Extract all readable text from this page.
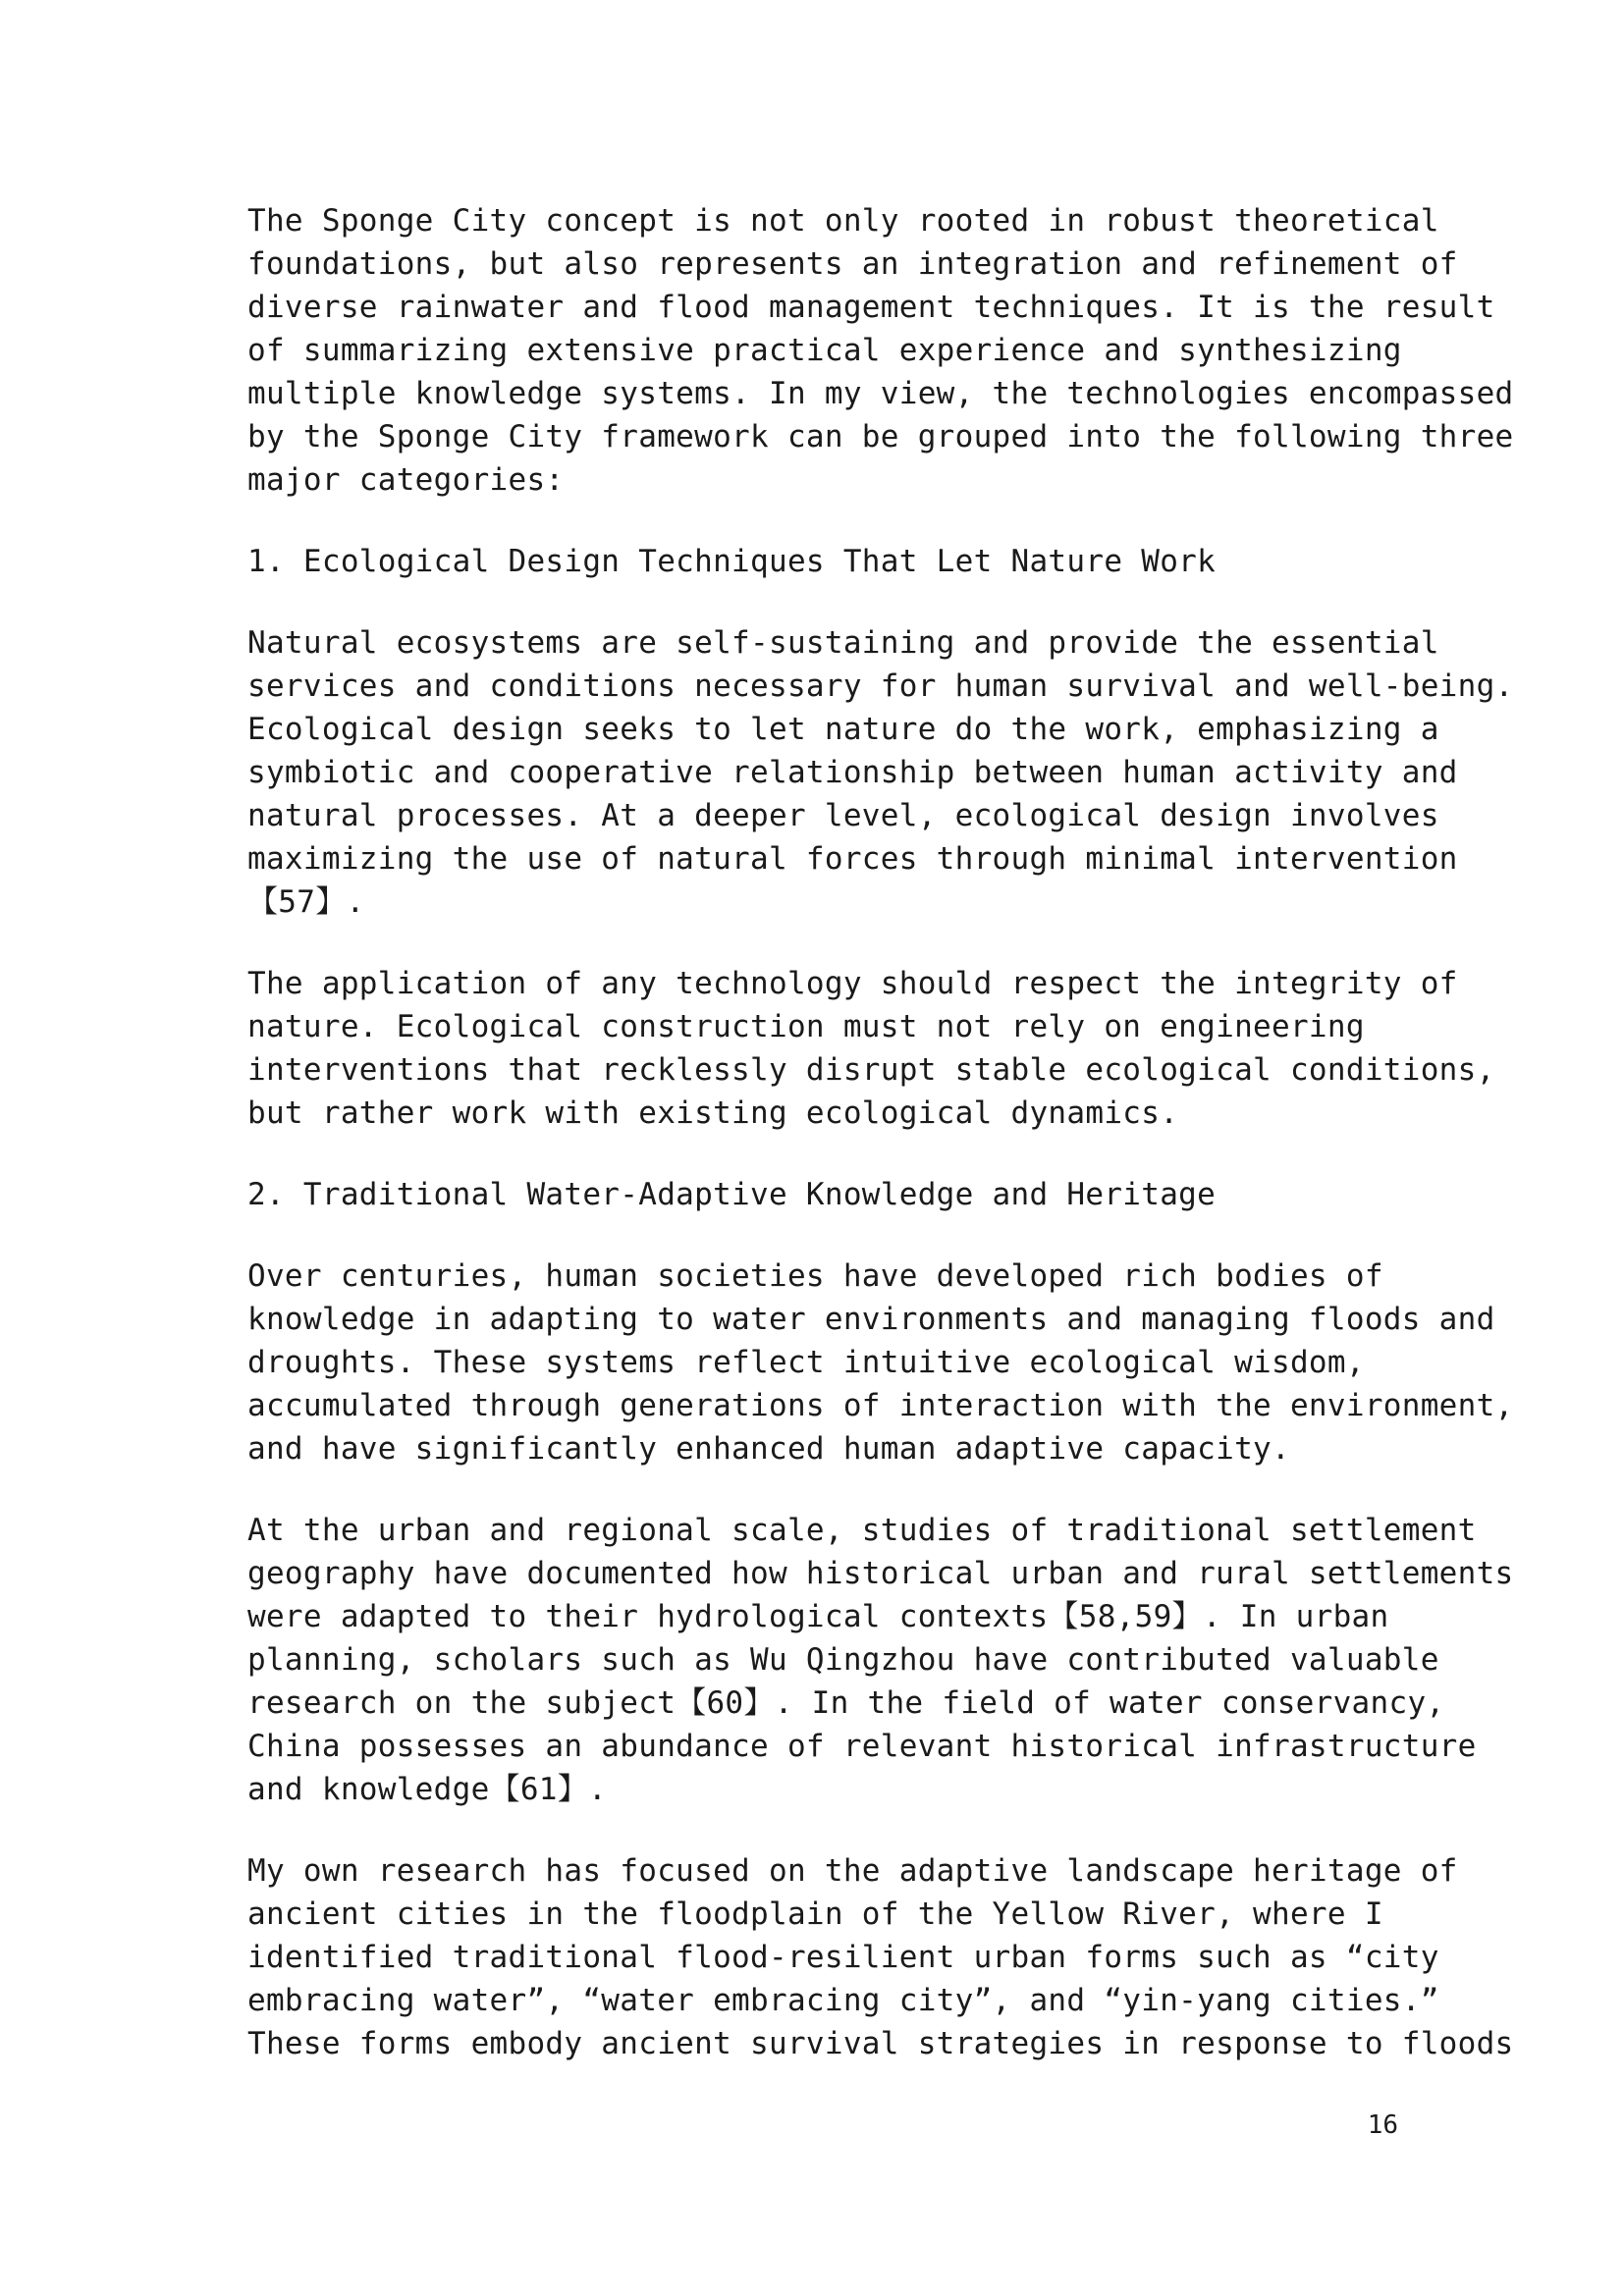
The Sponge City concept is not only rooted in robust theoretical
foundations, but also represents an integration and refinement of
diverse rainwater and flood management techniques. It is the result
of summarizing extensive practical experience and synthesizing
multiple knowledge systems. In my view, the technologies encompassed
by the Sponge City framework can be grouped into the following three
major categories:
1. Ecological Design Techniques That Let Nature Work
Natural ecosystems are self-sustaining and provide the essential
services and conditions necessary for human survival and well-being.
Ecological design seeks to let nature do the work, emphasizing a
symbiotic and cooperative relationship between human activity and
natural processes. At a deeper level, ecological design involves
maximizing the use of natural forces through minimal intervention
【57】.
The application of any technology should respect the integrity of
nature. Ecological construction must not rely on engineering
interventions that recklessly disrupt stable ecological conditions,
but rather work with existing ecological dynamics.
2. Traditional Water-Adaptive Knowledge and Heritage
Over centuries, human societies have developed rich bodies of
knowledge in adapting to water environments and managing floods and
droughts. These systems reflect intuitive ecological wisdom,
accumulated through generations of interaction with the environment,
and have significantly enhanced human adaptive capacity.
At the urban and regional scale, studies of traditional settlement
geography have documented how historical urban and rural settlements
were adapted to their hydrological contexts【58,59】. In urban
planning, scholars such as Wu Qingzhou have contributed valuable
research on the subject【60】. In the field of water conservancy,
China possesses an abundance of relevant historical infrastructure
and knowledge【61】.
My own research has focused on the adaptive landscape heritage of
ancient cities in the floodplain of the Yellow River, where I
identified traditional flood-resilient urban forms such as “city
embracing water”, “water embracing city”, and “yin-yang cities.”
These forms embody ancient survival strategies in response to floods
16
